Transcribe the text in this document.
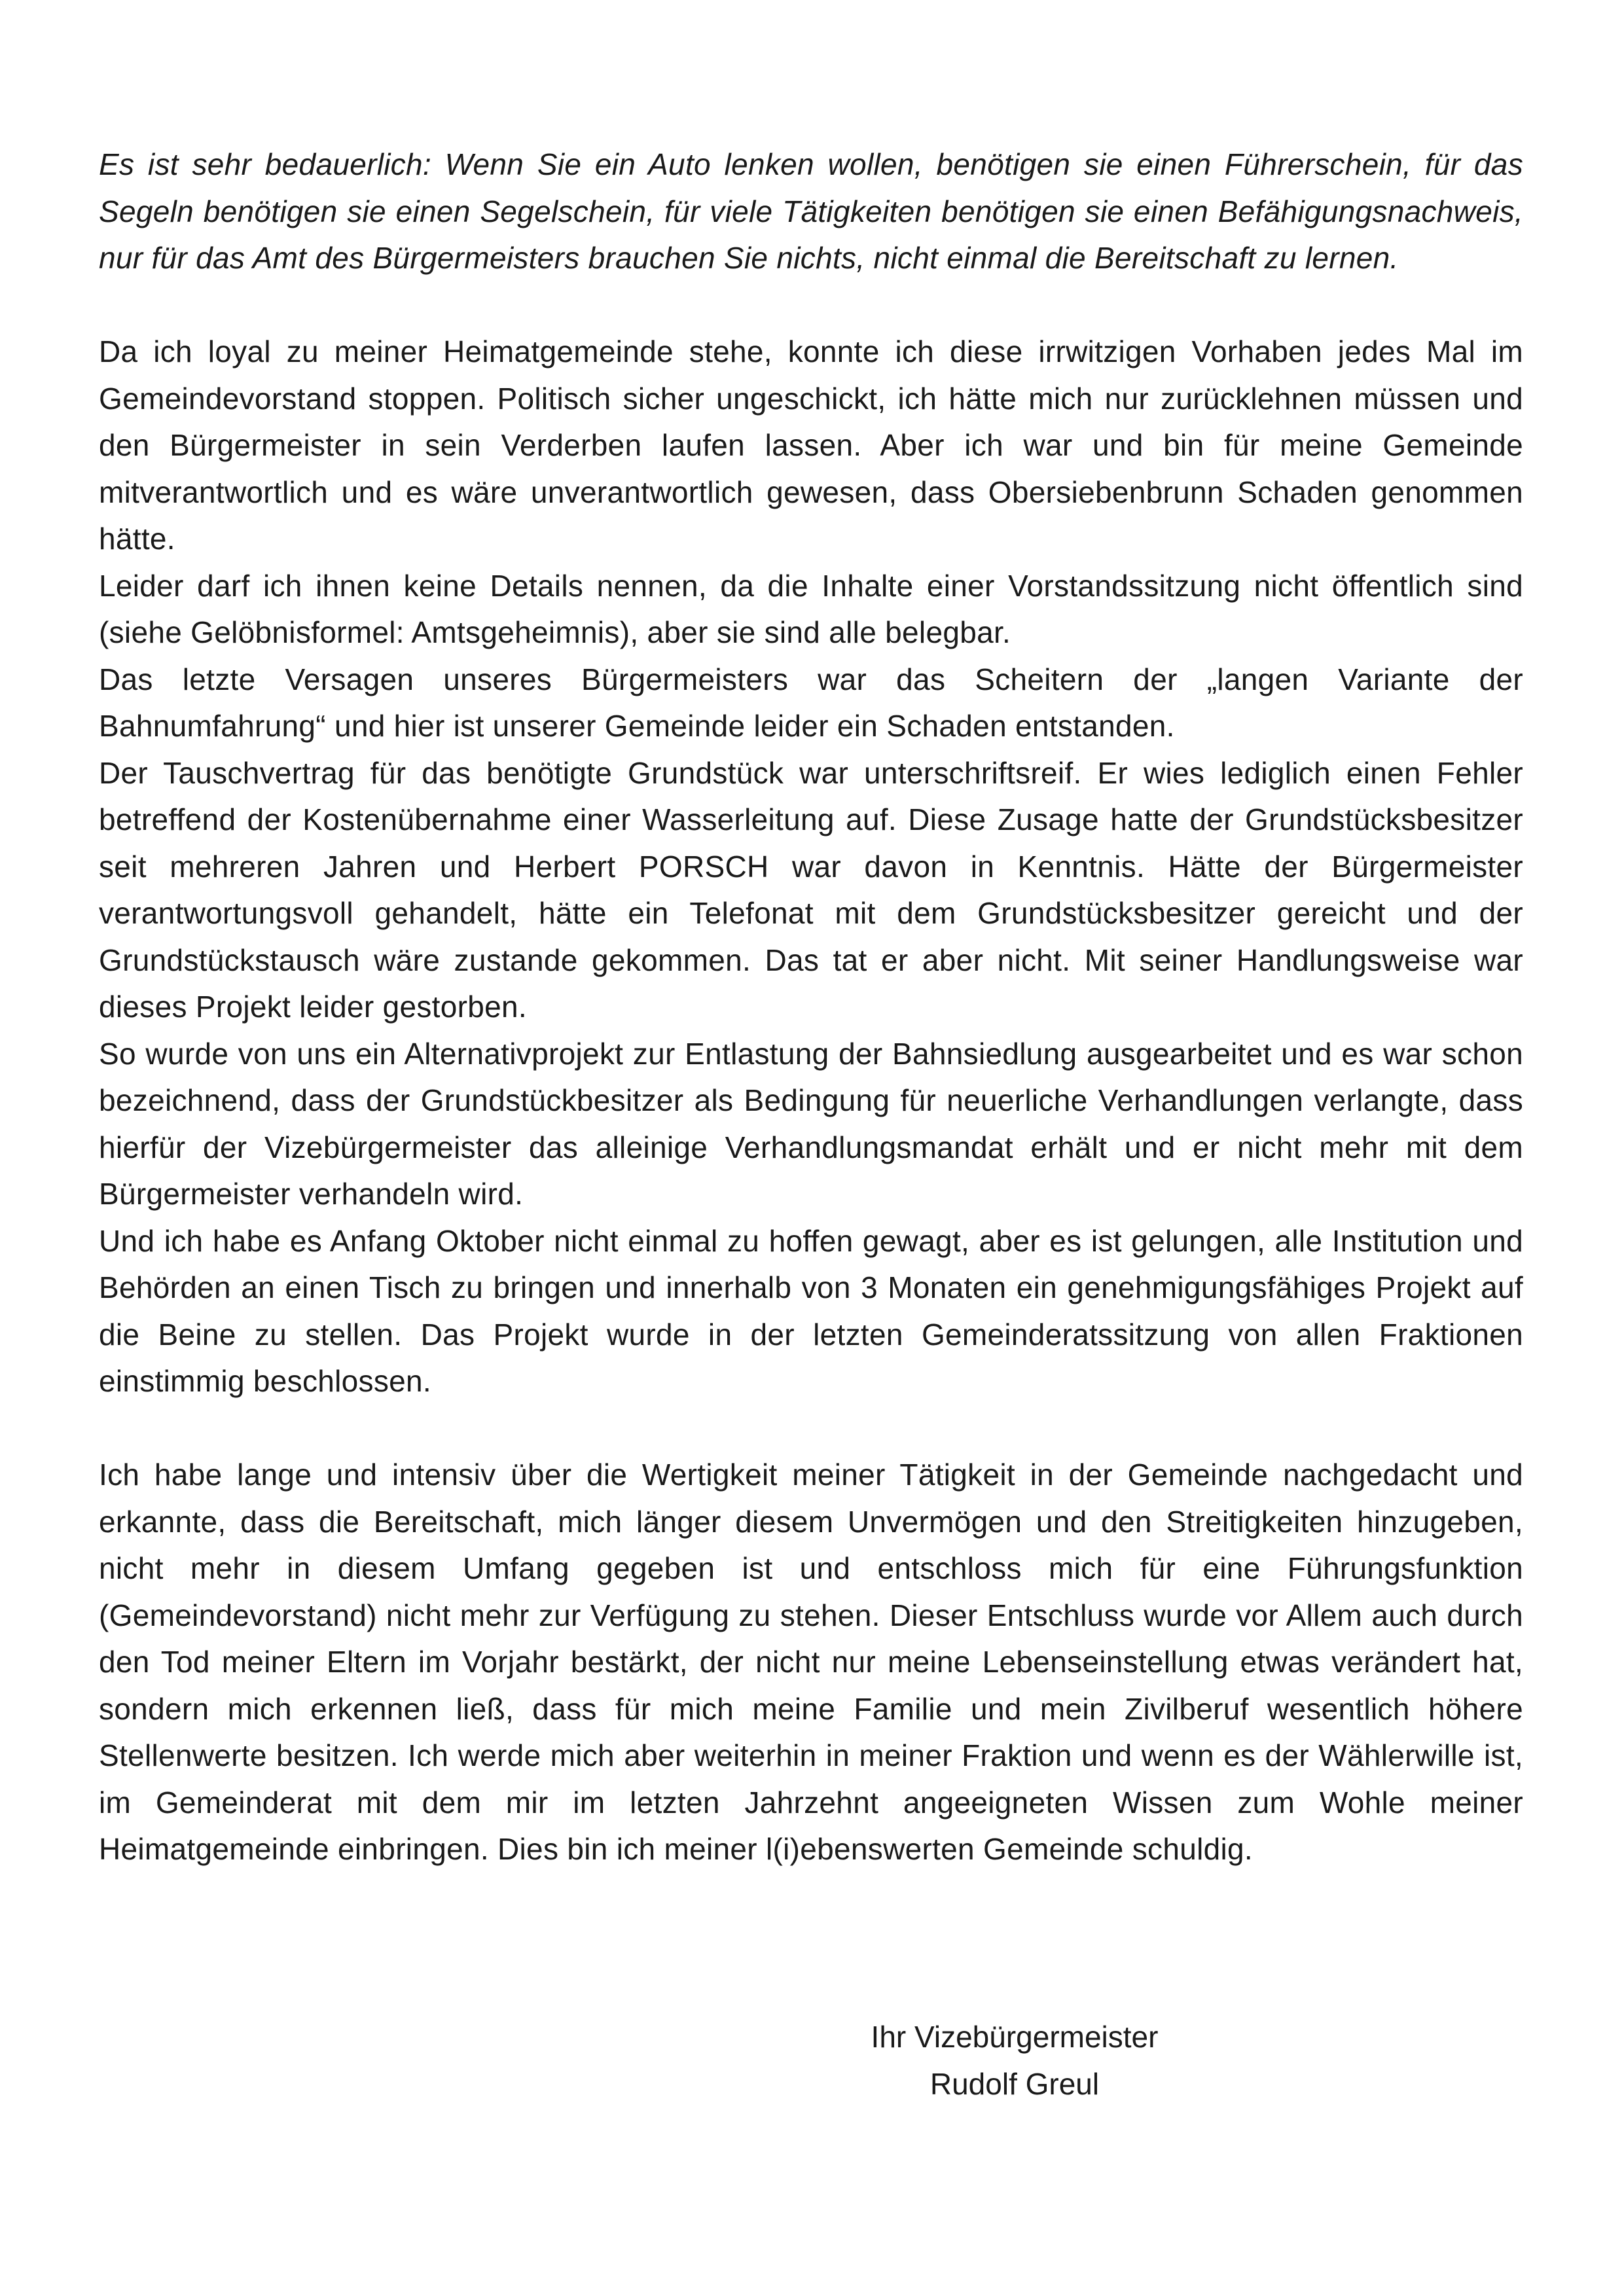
Es ist sehr bedauerlich: Wenn Sie ein Auto lenken wollen, benötigen sie einen Führerschein, für das Segeln benötigen sie einen Segelschein, für viele Tätigkeiten benötigen sie einen Befähigungsnachweis, nur für das Amt des Bürgermeisters brauchen Sie nichts, nicht einmal die Bereitschaft zu lernen.

Da ich loyal zu meiner Heimatgemeinde stehe, konnte ich diese irrwitzigen Vorhaben jedes Mal im Gemeindevorstand stoppen. Politisch sicher ungeschickt, ich hätte mich nur zurücklehnen müssen und den Bürgermeister in sein Verderben laufen lassen. Aber ich war und bin für meine Gemeinde mitverantwortlich und es wäre unverantwortlich gewesen, dass Obersiebenbrunn Schaden genommen hätte.

Leider darf ich ihnen keine Details nennen, da die Inhalte einer Vorstandssitzung nicht öffentlich sind (siehe Gelöbnisformel: Amtsgeheimnis), aber sie sind alle belegbar.

Das letzte Versagen unseres Bürgermeisters war das Scheitern der „langen Variante der Bahnumfahrung“ und hier ist unserer Gemeinde leider ein Schaden entstanden.

Der Tauschvertrag für das benötigte Grundstück war unterschriftsreif. Er wies lediglich einen Fehler betreffend der Kostenübernahme einer Wasserleitung auf. Diese Zusage hatte der Grundstücksbesitzer seit mehreren Jahren und Herbert PORSCH war davon in Kenntnis. Hätte der Bürgermeister verantwortungsvoll gehandelt, hätte ein Telefonat mit dem Grundstücksbesitzer gereicht und der Grundstückstausch wäre zustande gekommen. Das tat er aber nicht. Mit seiner Handlungsweise war dieses Projekt leider gestorben.

So wurde von uns ein Alternativprojekt zur Entlastung der Bahnsiedlung ausgearbeitet und es war schon bezeichnend, dass der Grundstückbesitzer als Bedingung für neuerliche Verhandlungen verlangte, dass hierfür der Vizebürgermeister das alleinige Verhandlungsmandat erhält und er nicht mehr mit dem Bürgermeister verhandeln wird.

Und ich habe es Anfang Oktober nicht einmal zu hoffen gewagt, aber es ist gelungen, alle Institution und Behörden an einen Tisch zu bringen und innerhalb von 3 Monaten ein genehmigungsfähiges Projekt auf die Beine zu stellen. Das Projekt wurde in der letzten Gemeinderatssitzung von allen Fraktionen einstimmig beschlossen.

Ich habe lange und intensiv über die Wertigkeit meiner Tätigkeit in der Gemeinde nachgedacht und erkannte, dass die Bereitschaft, mich länger diesem Unvermögen und den Streitigkeiten hinzugeben, nicht mehr in diesem Umfang gegeben ist und entschloss mich für eine Führungsfunktion (Gemeindevorstand) nicht mehr zur Verfügung zu stehen. Dieser Entschluss wurde vor Allem auch durch den Tod meiner Eltern im Vorjahr bestärkt, der nicht nur meine Lebenseinstellung etwas verändert hat, sondern mich erkennen ließ, dass für mich meine Familie und mein Zivilberuf wesentlich höhere Stellenwerte besitzen. Ich werde mich aber weiterhin in meiner Fraktion und wenn es der Wählerwille ist, im Gemeinderat mit dem mir im letzten Jahrzehnt angeeigneten Wissen zum Wohle meiner Heimatgemeinde einbringen. Dies bin ich meiner l(i)ebenswerten Gemeinde schuldig.

Ihr Vizebürgermeister
Rudolf Greul
